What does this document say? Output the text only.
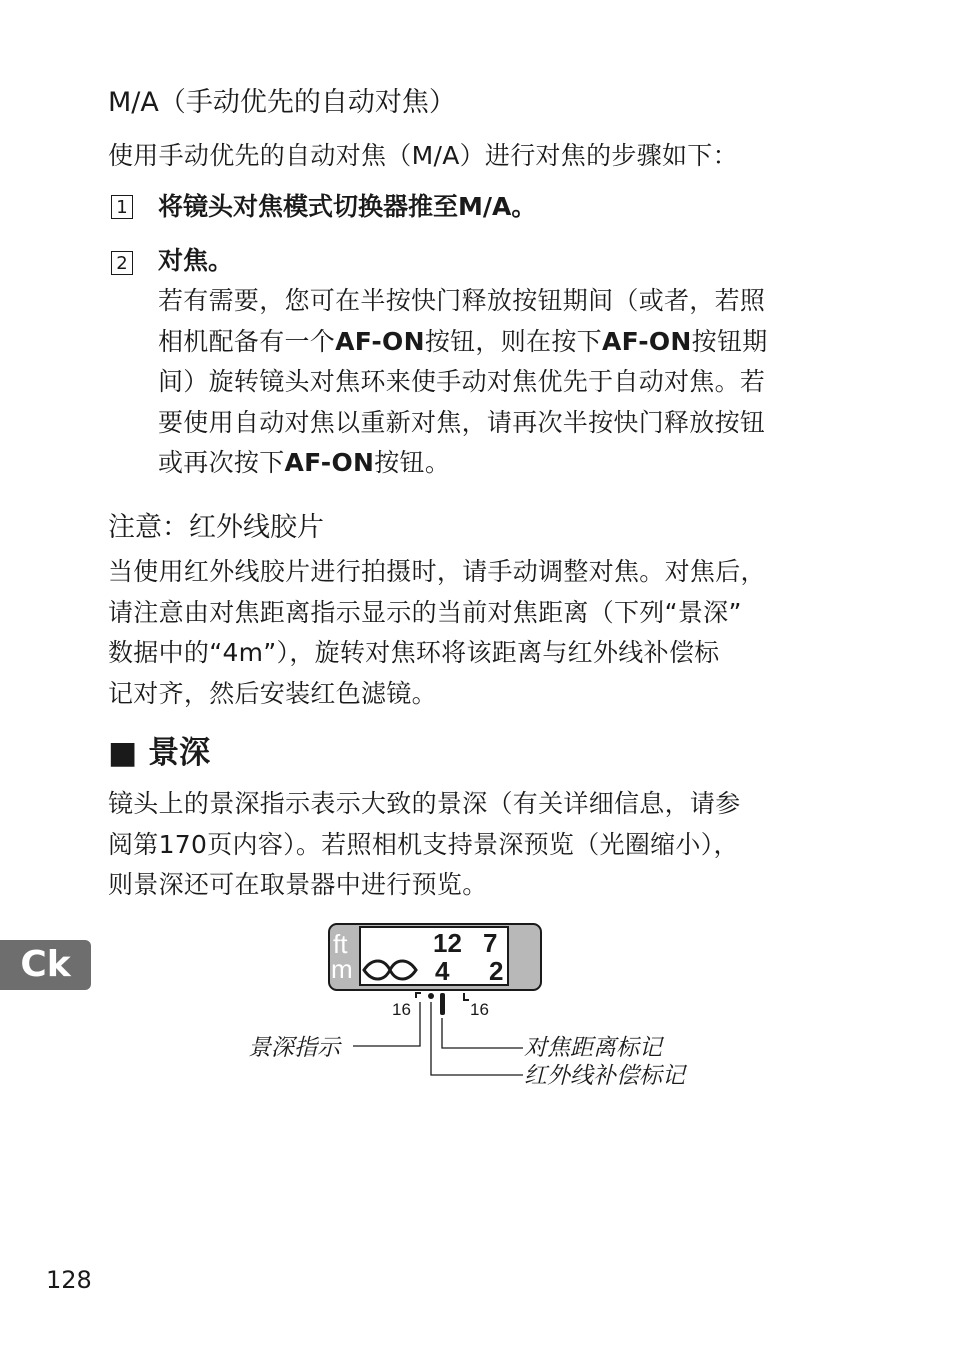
M/A（手动优先的自动对焦）
使用手动优先的自动对焦（M/A）进行对焦的步骤如下：
1 将镜头对焦模式切换器推至M/A。
2 对焦。
若有需要，您可在半按快门释放按钮期间（或者，若照
相机配备有一个AF-ON按钮，则在按下AF-ON按钮期
间）旋转镜头对焦环来使手动对焦优先于自动对焦。若
要使用自动对焦以重新对焦，请再次半按快门释放按钮
或再次按下AF-ON按钮。
注意：红外线胶片
当使用红外线胶片进行拍摄时，请手动调整对焦。对焦后，
请注意由对焦距离指示显示的当前对焦距离（下列“景深”
数据中的“4m”），旋转对焦环将该距离与红外线补偿标
记对齐，然后安装红色滤镜。
■ 景深
镜头上的景深指示表示大致的景深（有关详细信息，请参
阅第170页内容）。若照相机支持景深预览（光圈缩小），
则景深还可在取景器中进行预览。
Ck	ft
m
12 7
4 2
16	16
景深指示	对焦距离标记
红外线补偿标记
128
